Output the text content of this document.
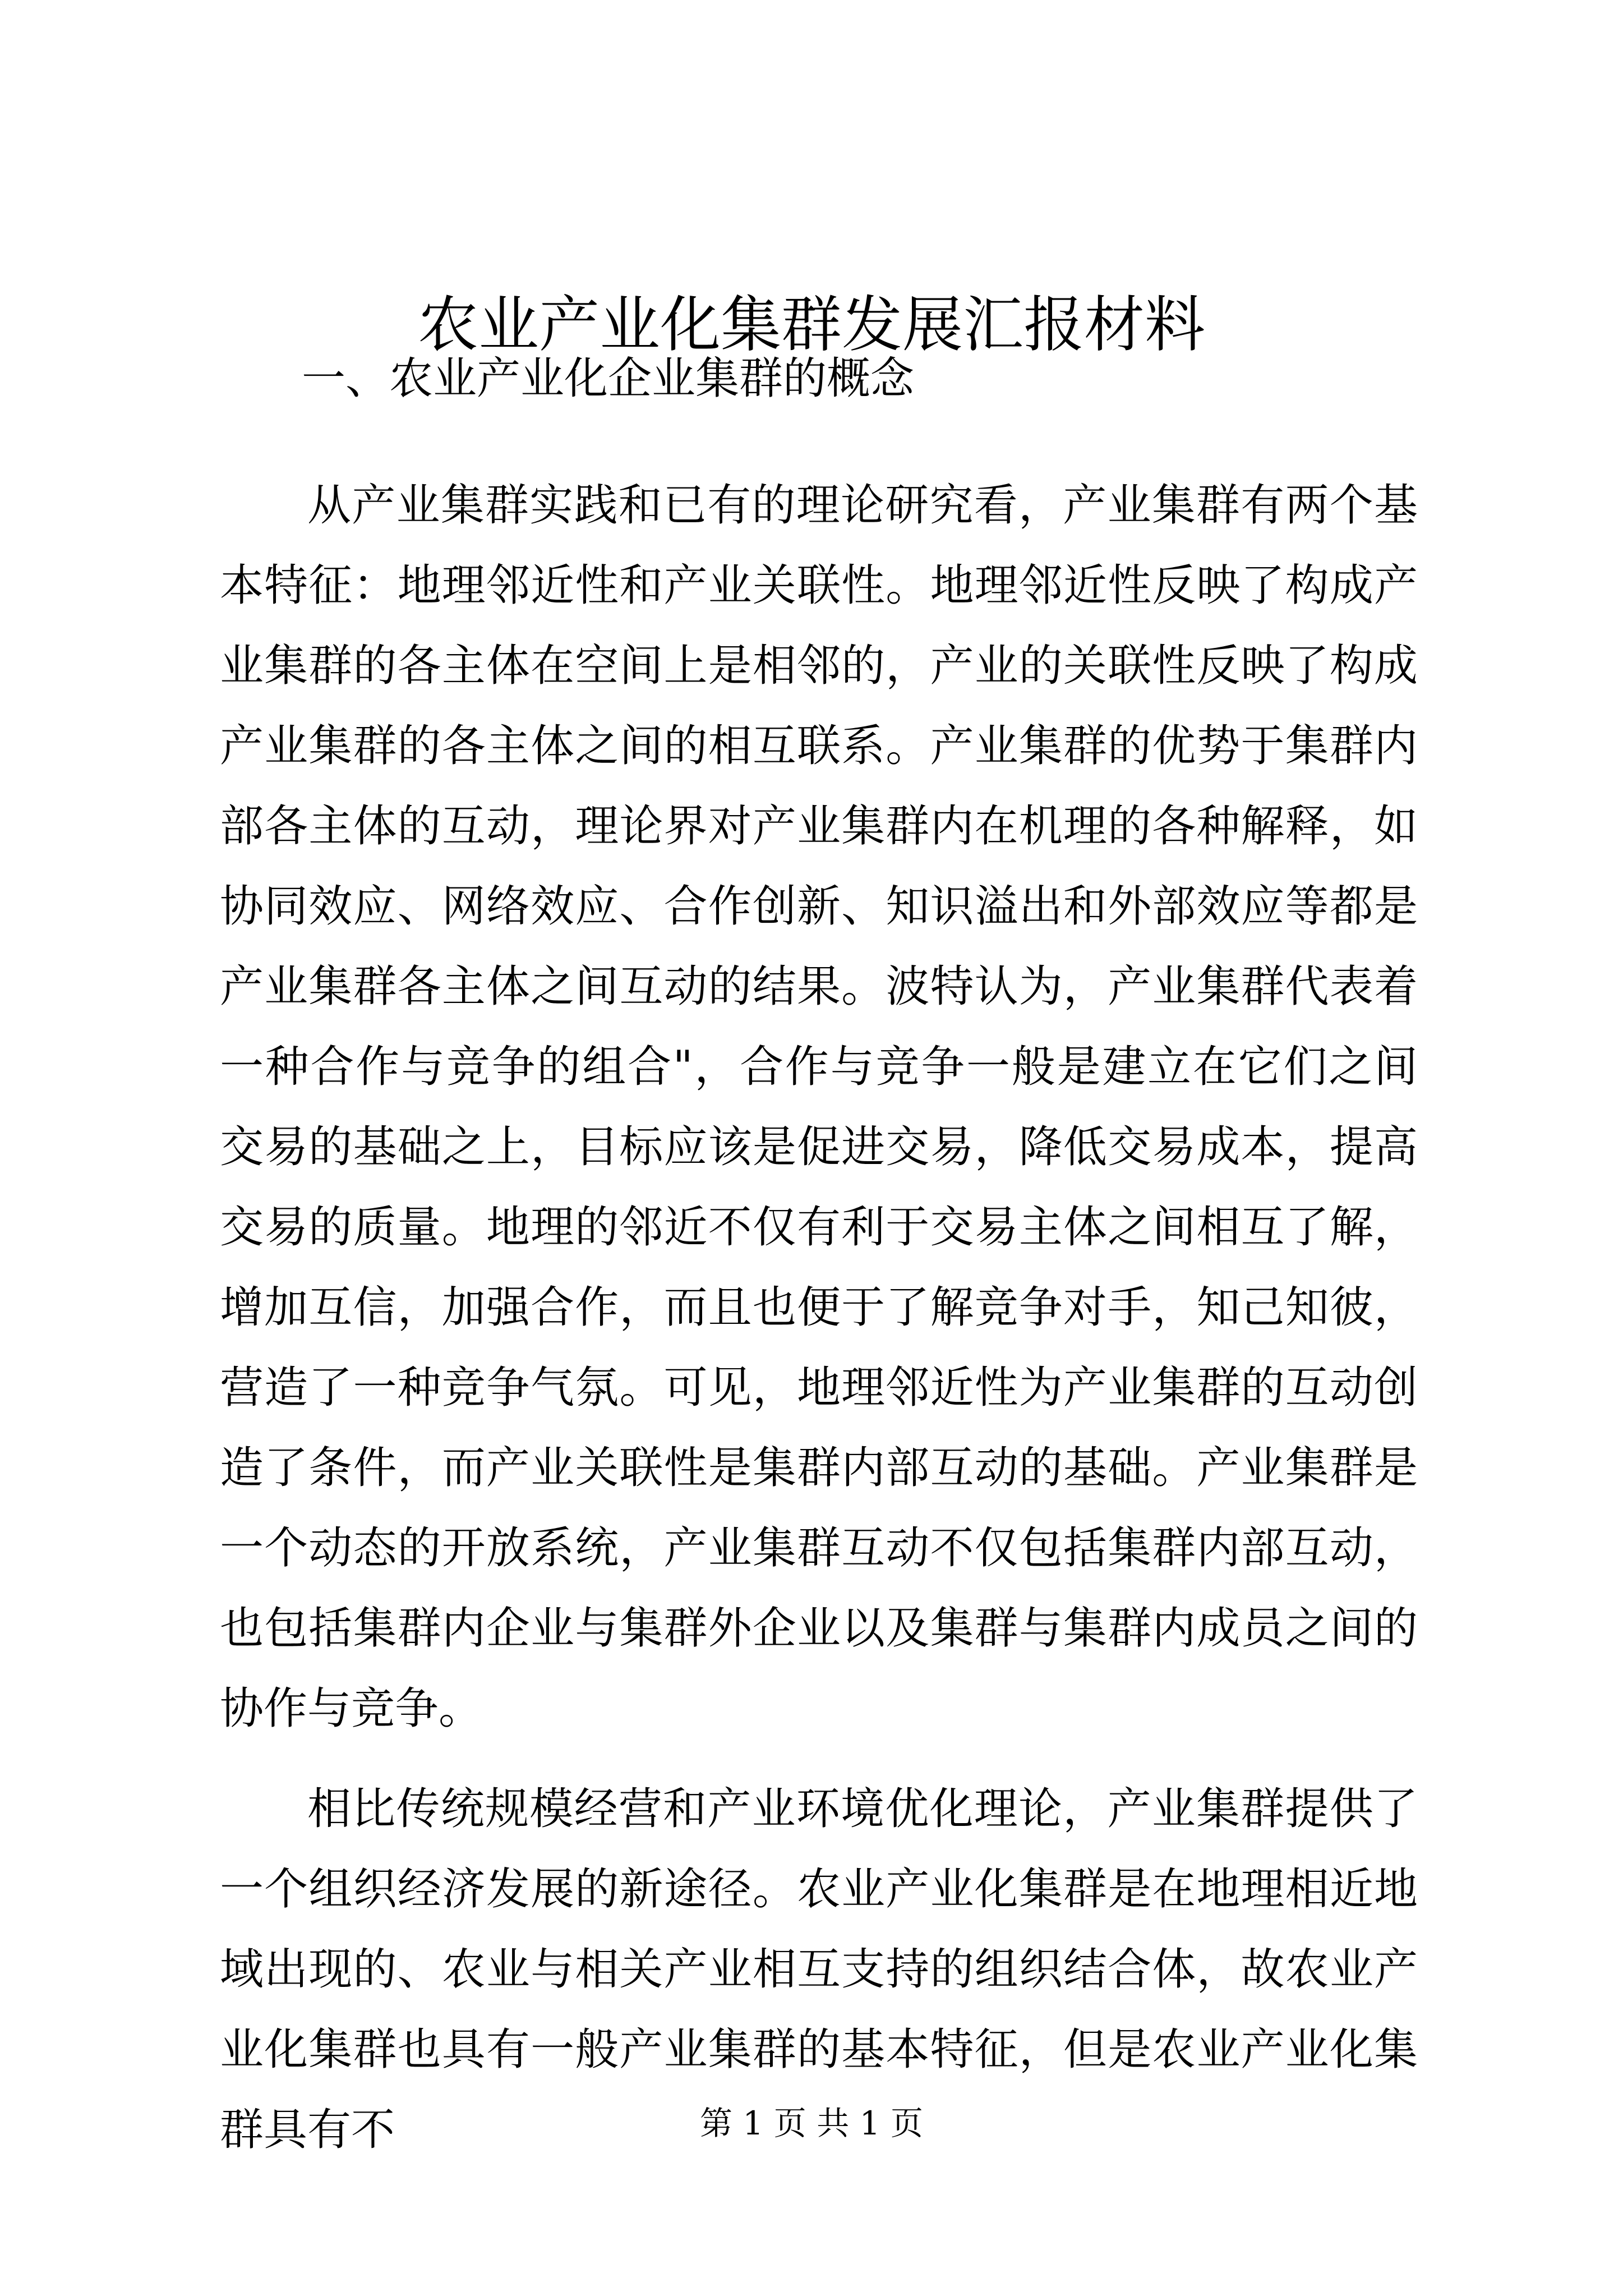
农业产业化集群发展汇报材料

一、农业产业化企业集群的概念

从产业集群实践和已有的理论研究看，产业集群有两个基本特征：地理邻近性和产业关联性。地理邻近性反映了构成产业集群的各主体在空间上是相邻的，产业的关联性反映了构成产业集群的各主体之间的相互联系。产业集群的优势于集群内部各主体的互动，理论界对产业集群内在机理的各种解释，如协同效应、网络效应、合作创新、知识溢出和外部效应等都是产业集群各主体之间互动的结果。波特认为，产业集群代表着一种合作与竞争的组合"，合作与竞争一般是建立在它们之间交易的基础之上，目标应该是促进交易，降低交易成本，提高交易的质量。地理的邻近不仅有利于交易主体之间相互了解，增加互信，加强合作，而且也便于了解竞争对手，知己知彼，营造了一种竞争气氛。可见，地理邻近性为产业集群的互动创造了条件，而产业关联性是集群内部互动的基础。产业集群是一个动态的开放系统，产业集群互动不仅包括集群内部互动，也包括集群内企业与集群外企业以及集群与集群内成员之间的协作与竞争。

相比传统规模经营和产业环境优化理论，产业集群提供了一个组织经济发展的新途径。农业产业化集群是在地理相近地域出现的、农业与相关产业相互支持的组织结合体，故农业产业化集群也具有一般产业集群的基本特征，但是农业产业化集群具有不	第 1 页 共 1 页
